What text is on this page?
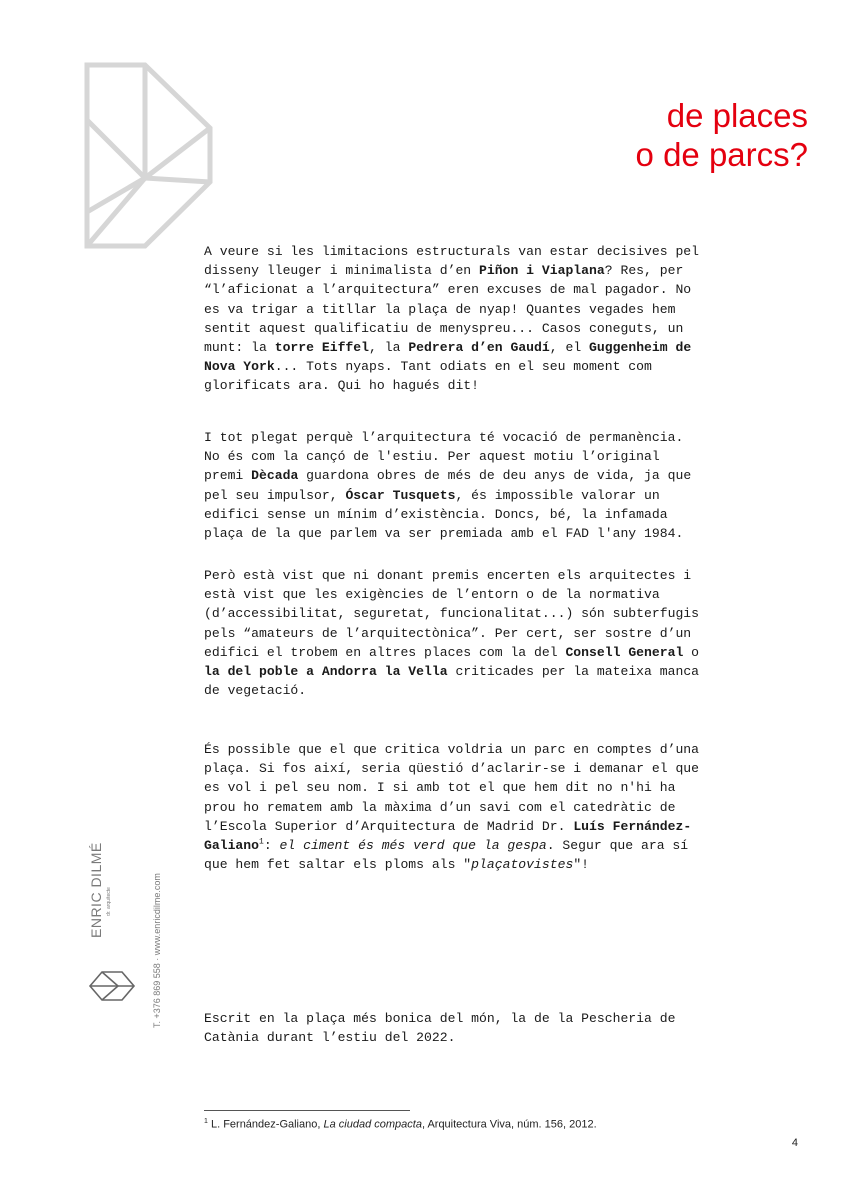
de places
o de parcs?

A veure si les limitacions estructurals van estar decisives pel
disseny lleuger i minimalista d’en Piñon i Viaplana? Res, per
“l’aficionat a l’arquitectura” eren excuses de mal pagador. No
es va trigar a titllar la plaça de nyap! Quantes vegades hem
sentit aquest qualificatiu de menyspreu... Casos coneguts, un
munt: la torre Eiffel, la Pedrera d’en Gaudí, el Guggenheim de
Nova York... Tots nyaps. Tant odiats en el seu moment com
glorificats ara. Qui ho hagués dit!

I tot plegat perquè l’arquitectura té vocació de permanència.
No és com la cançó de l'estiu. Per aquest motiu l’original
premi Dècada guardona obres de més de deu anys de vida, ja que
pel seu impulsor, Óscar Tusquets, és impossible valorar un
edifici sense un mínim d’existència. Doncs, bé, la infamada
plaça de la que parlem va ser premiada amb el FAD l'any 1984.

Però està vist que ni donant premis encerten els arquitectes i
està vist que les exigències de l’entorn o de la normativa
(d’accessibilitat, seguretat, funcionalitat...) són subterfugis
pels “amateurs de l’arquitectònica”. Per cert, ser sostre d’un
edifici el trobem en altres places com la del Consell General o
la del poble a Andorra la Vella criticades per la mateixa manca
de vegetació.

És possible que el que critica voldria un parc en comptes d’una
plaça. Si fos així, seria qüestió d’aclarir-se i demanar el que
es vol i pel seu nom. I si amb tot el que hem dit no n'hi ha
prou ho rematem amb la màxima d’un savi com el catedràtic de
l’Escola Superior d’Arquitectura de Madrid Dr. Luís Fernández-
Galiano$^1$: el ciment és més verd que la gespa. Segur que ara sí
que hem fet saltar els ploms als "plaçatovistes"!

Escrit en la plaça més bonica del món, la de la Pescheria de
Catània durant l’estiu del 2022.

ENRIC DILMÉ dr. arquitecte	T. +376 869 558 · www.enricdilme.com
$^1$ L. Fernández-Galiano, La ciudad compacta, Arquitectura Viva, núm. 156, 2012.
4
